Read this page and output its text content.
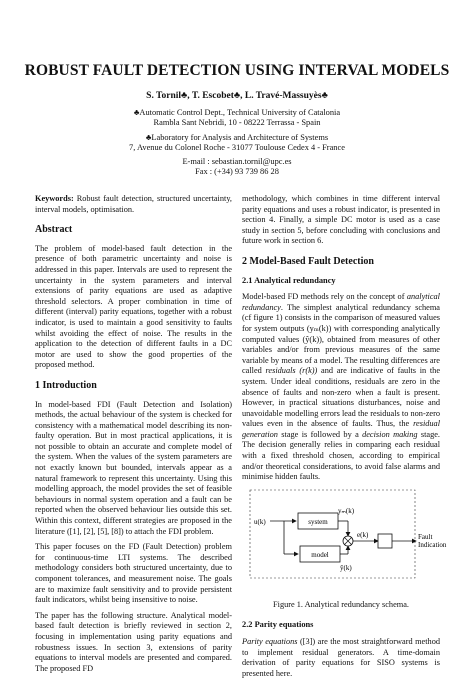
ROBUST FAULT DETECTION USING INTERVAL MODELS
S. Tornil♣, T. Escobet♣, L. Travé-Massuyès♣
♣Automatic Control Dept., Technical University of Catalonia
Rambla Sant Nebridi, 10 - 08222 Terrassa - Spain
♣Laboratory for Analysis and Architecture of Systems
7, Avenue du Colonel Roche - 31077 Toulouse Cedex 4 - France
E-mail : sebastian.tornil@upc.es
Fax : (+34) 93 739 86 28

Keywords: Robust fault detection, structured uncertainty, interval models, optimisation.

Abstract

The problem of model-based fault detection in the presence of both parametric uncertainty and noise is addressed in this paper. Intervals are used to represent the uncertainty in the system parameters and interval extensions of parity equations are used as adaptive threshold selectors. A proper combination in time of different (interval) parity equations, together with a robust indicator, is used to maintain a good sensitivity to faults whilst avoiding the effect of noise. The results in the application to the detection of different faults in a DC motor are used to show the good properties of the proposed method.

1 Introduction

In model-based FDI (Fault Detection and Isolation) methods, the actual behaviour of the system is checked for consistency with a mathematical model describing its non-faulty operation. But in most practical applications, it is not possible to obtain an accurate and complete model of the system. When the values of the system parameters are not exactly known but bounded, intervals appear as a natural framework to represent this uncertainty. Using this modelling approach, the model provides the set of feasible behaviours in normal system operation and a fault can be reported when the observed behaviour lies outside this set. Within this context, different strategies are proposed in the literature ([1], [2], [5], [8]) to attach the FDI problem.

This paper focuses on the FD (Fault Detection) problem for continuous-time LTI systems. The described methodology considers both structured uncertainty, due to component tolerances, and measurement noise. The goals are to maximize fault sensitivity and to provide persistent fault indicators, whilst being insensitive to noise.

The paper has the following structure. Analytical model-based fault detection is briefly reviewed in section 2, focusing in implementation using parity equations and robustness issues. In section 3, extensions of parity equations to interval models are presented and compared. The proposed FD

methodology, which combines in time different interval parity equations and uses a robust indicator, is presented in section 4. Finally, a simple DC motor is used as a case study in section 5, before concluding with conclusions and future work in section 6.

2 Model-Based Fault Detection
2.1 Analytical redundancy

Model-based FD methods rely on the concept of analytical redundancy. The simplest analytical redundancy schema (cf figure 1) consists in the comparison of measured values for system outputs (yₘ(k)) with corresponding analytically computed values (ŷ(k)), obtained from measures of other variables and/or from previous measures of the same variable by means of a model. The resulting differences are called residuals (r(k)) and are indicative of faults in the system. Under ideal conditions, residuals are zero in the absence of faults and non-zero when a fault is present. However, in practical situations disturbances, noise and unavoidable modelling errors lead the residuals to non-zero values even in the absence of faults. Thus, the residual generation stage is followed by a decision making stage. The decision generally relies in comparing each residual with a fixed threshold chosen, according to empirical and/or theoretical considerations, to avoid false alarms and minimise hidden faults.

u(k)	system
model
yₘ(k)
ŷ(k)
e(k)	Fault
Indication
Figure 1. Analytical redundancy schema.
2.2 Parity equations

Parity equations ([3]) are the most straightforward method to implement residual generators. A time-domain derivation of parity equations for SISO systems is presented here.
